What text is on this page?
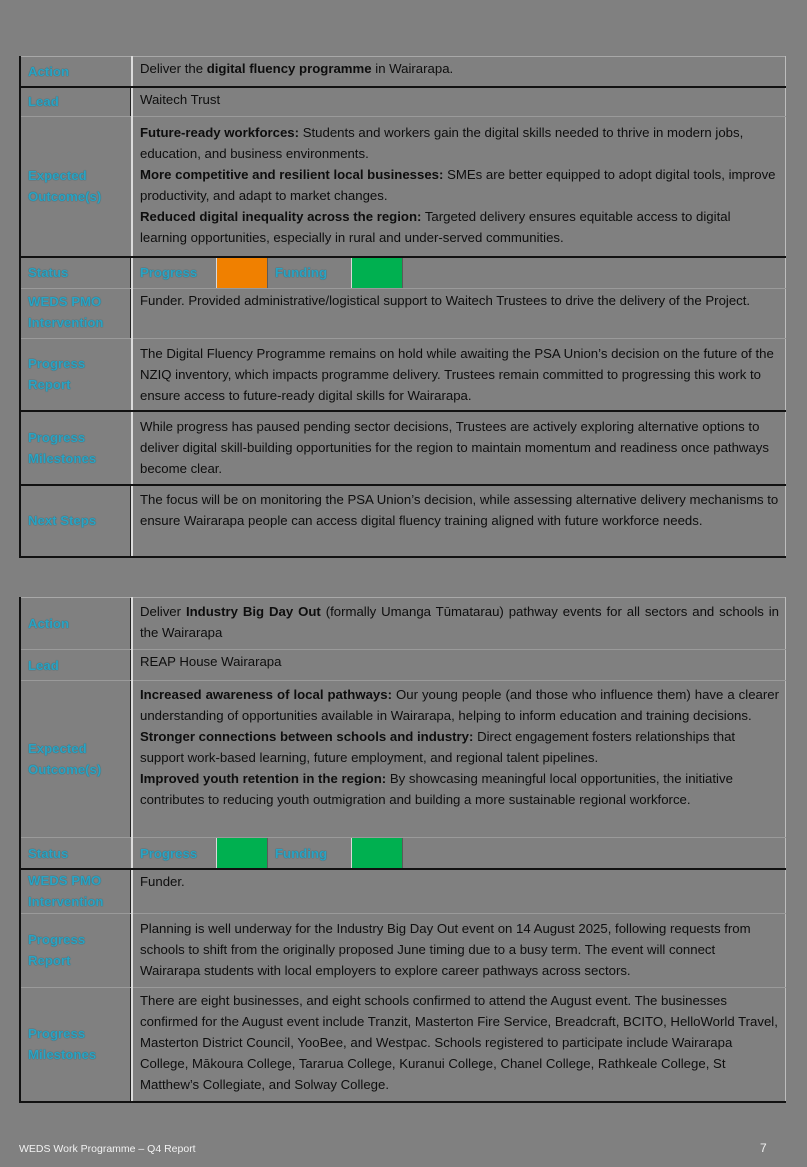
Action	Deliver the digital fluency programme in Wairarapa.
Lead	Waitech Trust
Expected Outcome(s)	Future-ready workforces: Students and workers gain the digital skills needed to thrive in modern jobs, education, and business environments.
More competitive and resilient local businesses: SMEs are better equipped to adopt digital tools, improve productivity, and adapt to market changes.
Reduced digital inequality across the region: Targeted delivery ensures equitable access to digital learning opportunities, especially in rural and under-served communities.

Status	Progress Funding

WEDS PMO Intervention	Funder. Provided administrative/logistical support to Waitech Trustees to drive the delivery of the Project.
Progress Report	The Digital Fluency Programme remains on hold while awaiting the PSA Union’s decision on the future of the NZIQ inventory, which impacts programme delivery. Trustees remain committed to progressing this work to ensure access to future-ready digital skills for Wairarapa.
Progress Milestones	While progress has paused pending sector decisions, Trustees are actively exploring alternative options to deliver digital skill-building opportunities for the region to maintain momentum and readiness once pathways become clear.
Next Steps	The focus will be on monitoring the PSA Union’s decision, while assessing alternative delivery mechanisms to ensure Wairarapa people can access digital fluency training aligned with future workforce needs.
Action	Deliver Industry Big Day Out (formally Umanga Tūmatarau) pathway events for all sectors and schools in the Wairarapa
Lead	REAP House Wairarapa
Expected Outcome(s)	Increased awareness of local pathways: Our young people (and those who influence them) have a clearer understanding of opportunities available in Wairarapa, helping to inform education and training decisions.
Stronger connections between schools and industry: Direct engagement fosters relationships that support work-based learning, future employment, and regional talent pipelines.
Improved youth retention in the region: By showcasing meaningful local opportunities, the initiative contributes to reducing youth outmigration and building a more sustainable regional workforce.

Status	Progress Funding

WEDS PMO Intervention	Funder.
Progress Report	Planning is well underway for the Industry Big Day Out event on 14 August 2025, following requests from schools to shift from the originally proposed June timing due to a busy term. The event will connect Wairarapa students with local employers to explore career pathways across sectors.
Progress Milestones	There are eight businesses, and eight schools confirmed to attend the August event. The businesses confirmed for the August event include Tranzit, Masterton Fire Service, Breadcraft, BCITO, HelloWorld Travel, Masterton District Council, YooBee, and Westpac. Schools registered to participate include Wairarapa College, Mākoura College, Tararua College, Kuranui College, Chanel College, Rathkeale College, St Matthew’s Collegiate, and Solway College.
WEDS Work Programme – Q4 Report	7
